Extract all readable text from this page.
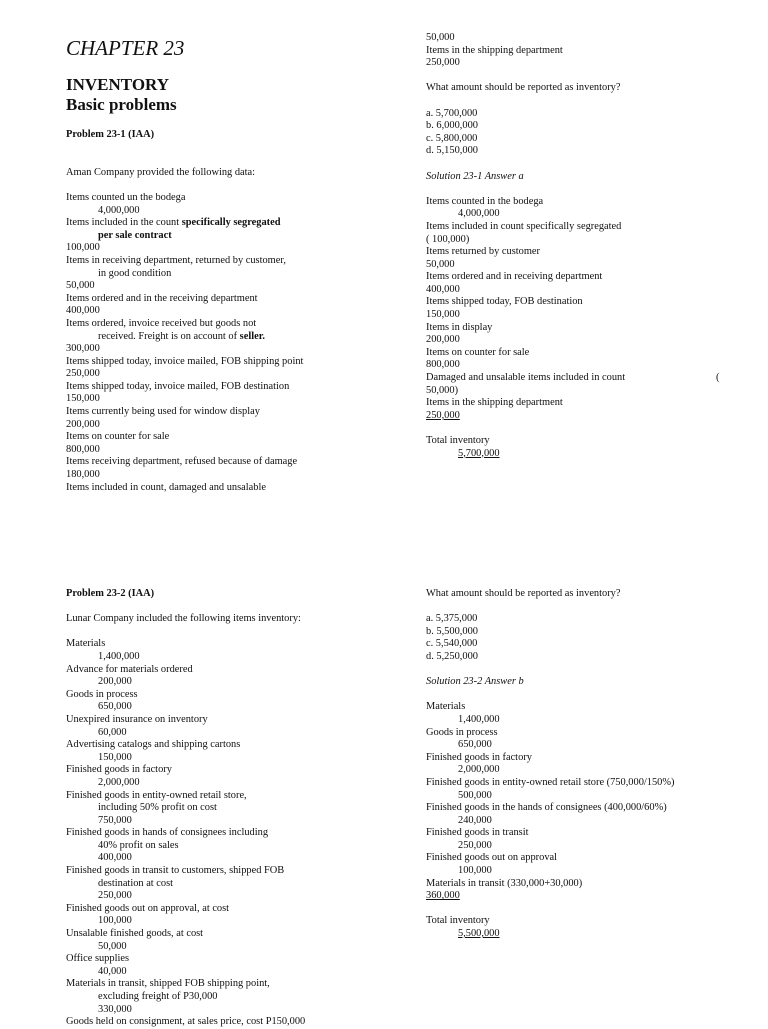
CHAPTER 23
INVENTORY
Basic problems
Problem 23-1 (IAA)
Aman Company provided the following data:
Items counted un the bodega
4,000,000
Items included in the count specifically segregated
per sale contract
100,000
Items in receiving department, returned by customer,
in good condition
50,000
Items ordered and in the receiving department
400,000
Items ordered, invoice received but goods not
received. Freight is on account of seller.
300,000
Items shipped today, invoice mailed, FOB shipping point
250,000
Items shipped today, invoice mailed, FOB destination
150,000
Items currently being used for window display
200,000
Items on counter for sale
800,000
Items receiving department, refused because of damage
180,000
Items included in count, damaged and unsalable
50,000
Items in the shipping department
250,000
What amount should be reported as inventory?
a. 5,700,000
b. 6,000,000
c. 5,800,000
d. 5,150,000
Solution 23-1 Answer a
Items counted in the bodega
4,000,000
Items included in count specifically segregated
( 100,000)
Items returned by customer
50,000
Items ordered and in receiving department
400,000
Items shipped today, FOB destination
150,000
Items in display
200,000
Items on counter for sale
800,000
Damaged and unsalable items included in count	(
50,000)
Items in the shipping department
250,000
Total inventory
5,700,000
Problem 23-2 (IAA)
Lunar Company included the following items inventory:
Materials
1,400,000
Advance for materials ordered
200,000
Goods in process
650,000
Unexpired insurance on inventory
60,000
Advertising catalogs and shipping cartons
150,000
Finished goods in factory
2,000,000
Finished goods in entity-owned retail store,
including 50% profit on cost
750,000
Finished goods in hands of consignees including
40% profit on sales
400,000
Finished goods in transit to customers, shipped FOB
destination at cost
250,000
Finished goods out on approval, at cost
100,000
Unsalable finished goods, at cost
50,000
Office supplies
40,000
Materials in transit, shipped FOB shipping point,
excluding freight of P30,000
330,000
Goods held on consignment, at sales price, cost P150,000
What amount should be reported as inventory?
a. 5,375,000
b. 5,500,000
c. 5,540,000
d. 5,250,000
Solution 23-2 Answer b
Materials
1,400,000
Goods in process
650,000
Finished goods in factory
2,000,000
Finished goods in entity-owned retail store (750,000/150%)
500,000
Finished goods in the hands of consignees (400,000/60%)
240,000
Finished goods in transit
250,000
Finished goods out on approval
100,000
Materials in transit (330,000+30,000)
360,000
Total inventory
5,500,000
